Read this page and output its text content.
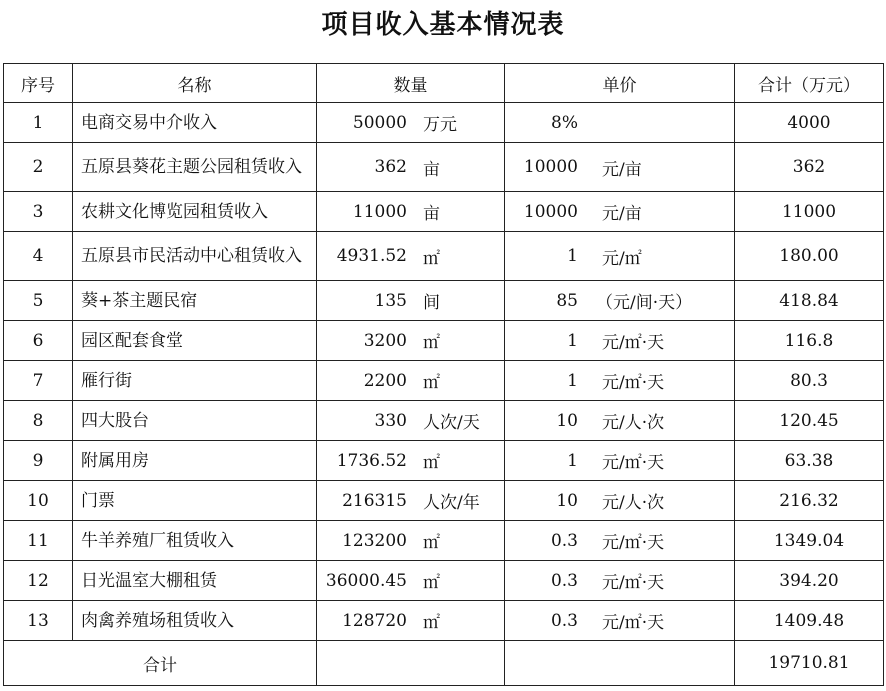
项目收入基本情况表
序号	名称	数量	单价	合计（万元）
1	电商交易中介收入	50000 万元	8%	4000
2	五原县葵花主题公园租赁收入	362 亩	10000 元/亩	362
3	农耕文化博览园租赁收入	11000 亩	10000 元/亩	11000
4	五原县市民活动中心租赁收入	4931.52 ㎡	1 元/㎡	180.00
5	葵+茶主题民宿	135 间	85 （元/间·天）	418.84
6	园区配套食堂	3200 ㎡	1 元/㎡·天	116.8
7	雁行街	2200 ㎡	1 元/㎡·天	80.3
8	四大股台	330 人次/天	10 元/人·次	120.45
9	附属用房	1736.52 ㎡	1 元/㎡·天	63.38
10	门票	216315 人次/年	10 元/人·次	216.32
11	牛羊养殖厂租赁收入	123200 ㎡	0.3 元/㎡·天	1349.04
12	日光温室大棚租赁	36000.45 ㎡	0.3 元/㎡·天	394.20
13	肉禽养殖场租赁收入	128720 ㎡	0.3 元/㎡·天	1409.48
合计				19710.81
